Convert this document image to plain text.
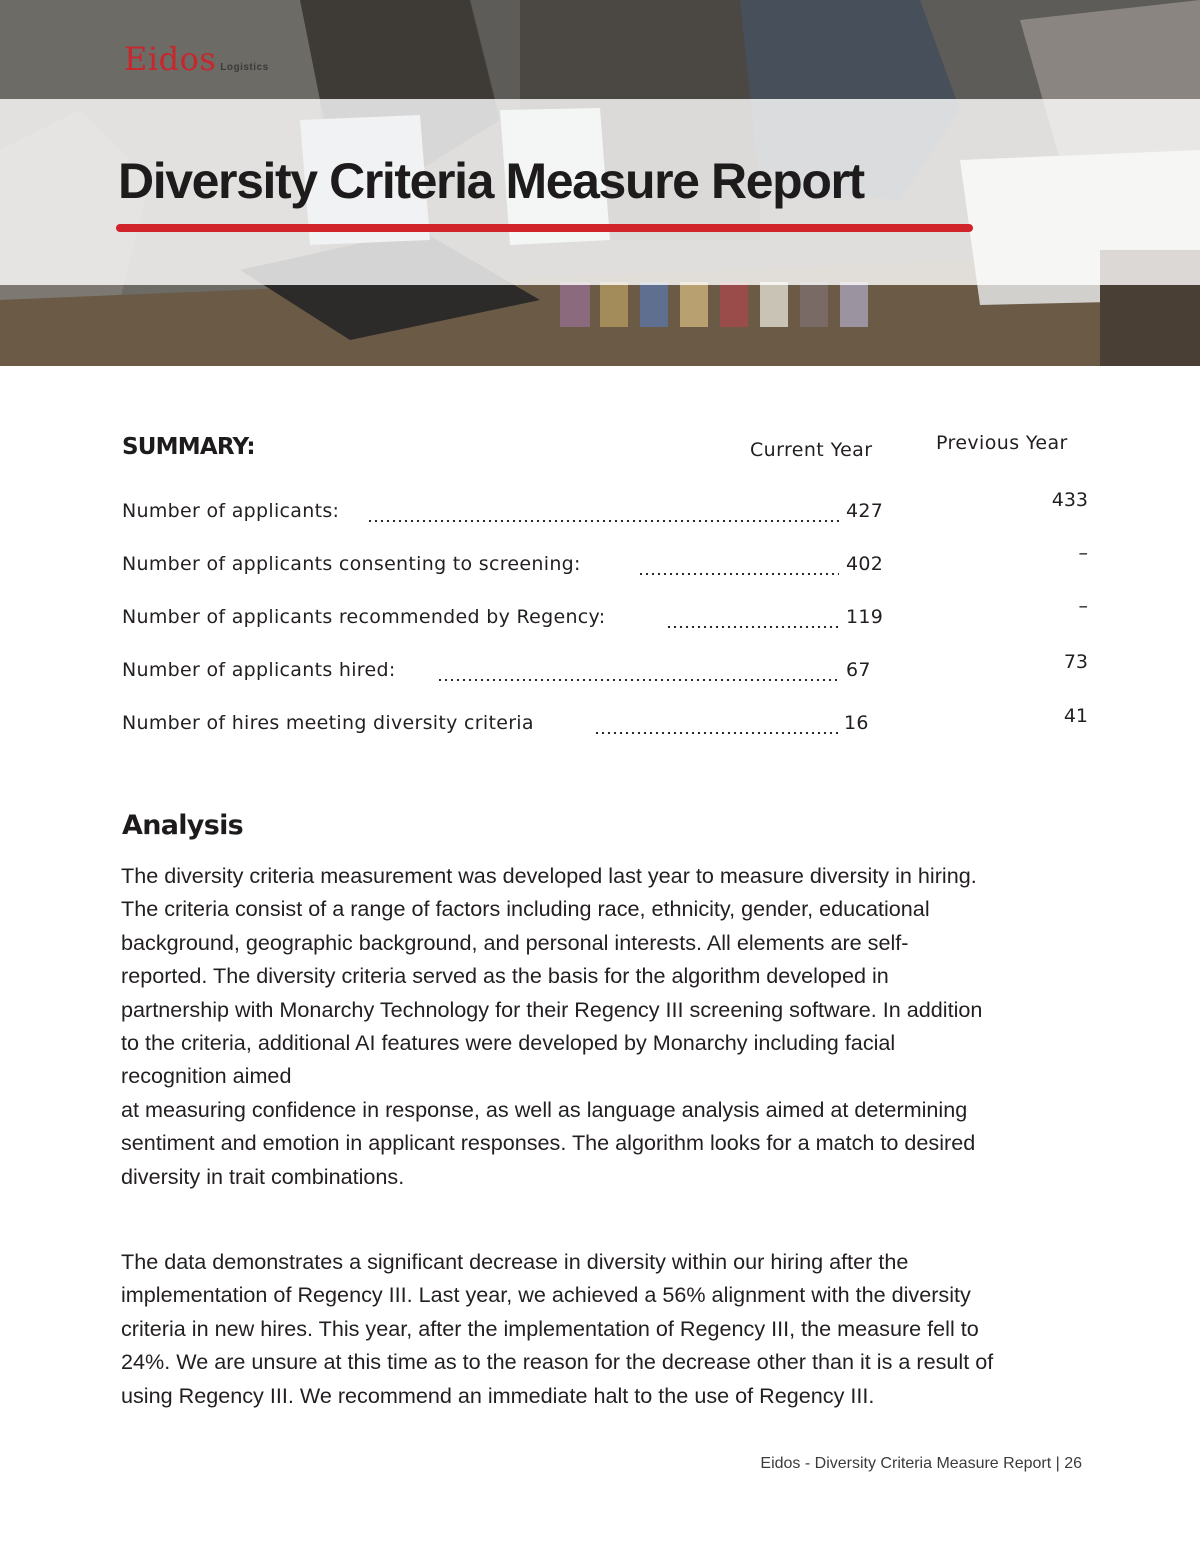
Eidos Logistics
Diversity Criteria Measure Report
SUMMARY:	Current Year	Previous Year
Number of applicants:	427	433
Number of applicants consenting to screening:	402	–
Number of applicants recommended by Regency:	119	–
Number of applicants hired:	67	73
Number of hires meeting diversity criteria	16	41
Analysis

The diversity criteria measurement was developed last year to measure diversity in hiring.

The criteria consist of a range of factors including race, ethnicity, gender, educational

background, geographic background, and personal interests. All elements are self-

reported. The diversity criteria served as the basis for the algorithm developed in

partnership with Monarchy Technology for their Regency III screening software. In addition

to the criteria, additional AI features were developed by Monarchy including facial

recognition aimed

at measuring confidence in response, as well as language analysis aimed at determining

sentiment and emotion in applicant responses. The algorithm looks for a match to desired

diversity in trait combinations.

The data demonstrates a significant decrease in diversity within our hiring after the

implementation of Regency III. Last year, we achieved a 56% alignment with the diversity

criteria in new hires. This year, after the implementation of Regency III, the measure fell to

24%. We are unsure at this time as to the reason for the decrease other than it is a result of

using Regency III. We recommend an immediate halt to the use of Regency III.

Eidos - Diversity Criteria Measure Report | 26
